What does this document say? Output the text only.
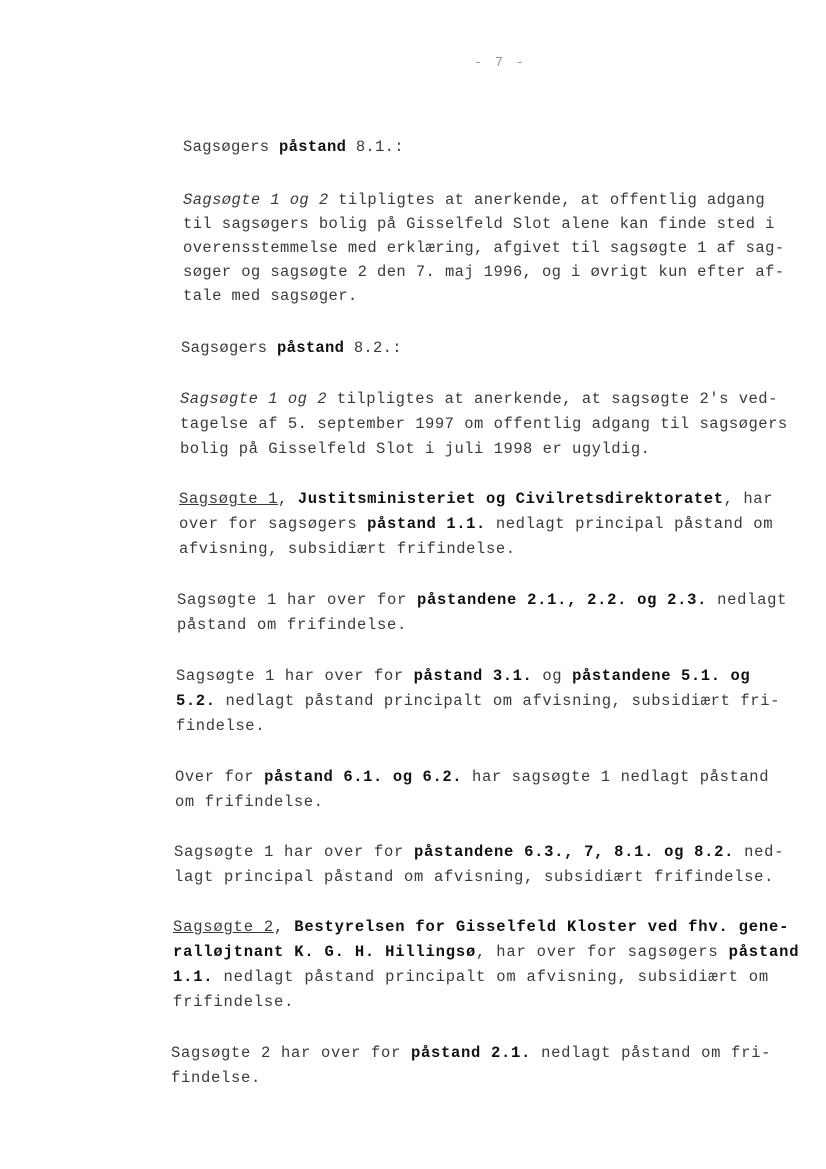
- 7 -
Sagsøgers påstand 8.1.:
Sagsøgte 1 og 2 tilpligtes at anerkende, at offentlig adgang
til sagsøgers bolig på Gisselfeld Slot alene kan finde sted i
overensstemmelse med erklæring, afgivet til sagsøgte 1 af sag-
søger og sagsøgte 2 den 7. maj 1996, og i øvrigt kun efter af-
tale med sagsøger.
Sagsøgers påstand 8.2.:
Sagsøgte 1 og 2 tilpligtes at anerkende, at sagsøgte 2's ved-
tagelse af 5. september 1997 om offentlig adgang til sagsøgers
bolig på Gisselfeld Slot i juli 1998 er ugyldig.
Sagsøgte 1, Justitsministeriet og Civilretsdirektoratet, har
over for sagsøgers påstand 1.1. nedlagt principal påstand om
afvisning, subsidiært frifindelse.
Sagsøgte 1 har over for påstandene 2.1., 2.2. og 2.3. nedlagt
påstand om frifindelse.
Sagsøgte 1 har over for påstand 3.1. og påstandene 5.1. og
5.2. nedlagt påstand principalt om afvisning, subsidiært fri-
findelse.
Over for påstand 6.1. og 6.2. har sagsøgte 1 nedlagt påstand
om frifindelse.
Sagsøgte 1 har over for påstandene 6.3., 7, 8.1. og 8.2. ned-
lagt principal påstand om afvisning, subsidiært frifindelse.
Sagsøgte 2, Bestyrelsen for Gisselfeld Kloster ved fhv. gene-
ralløjtnant K. G. H. Hillingsø, har over for sagsøgers påstand
1.1. nedlagt påstand principalt om afvisning, subsidiært om
frifindelse.
Sagsøgte 2 har over for påstand 2.1. nedlagt påstand om fri-
findelse.
